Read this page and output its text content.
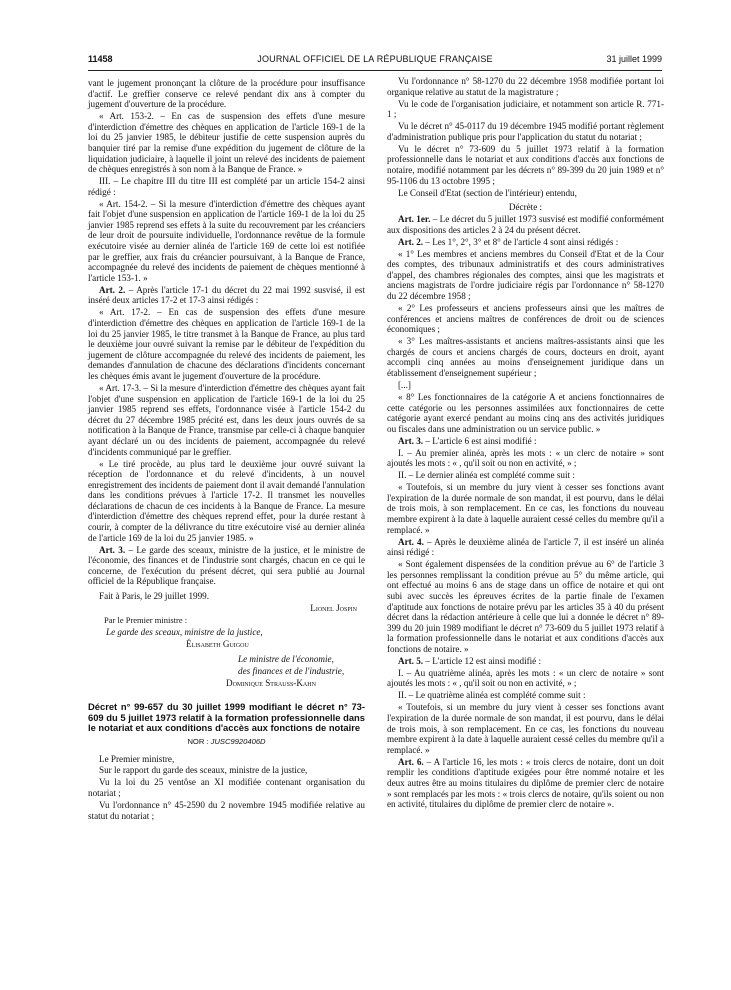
11458	JOURNAL OFFICIEL DE LA RÉPUBLIQUE FRANÇAISE	31 juillet 1999

vant le jugement prononçant la clôture de la procédure pour insuffisance d'actif. Le greffier conserve ce relevé pendant dix ans à compter du jugement d'ouverture de la procédure.

« Art. 153-2. – En cas de suspension des effets d'une mesure d'interdiction d'émettre des chèques en application de l'article 169-1 de la loi du 25 janvier 1985, le débiteur justifie de cette suspension auprès du banquier tiré par la remise d'une expédition du jugement de clôture de la liquidation judiciaire, à laquelle il joint un relevé des incidents de paiement de chèques enregistrés à son nom à la Banque de France. »

III. – Le chapitre III du titre III est complété par un article 154-2 ainsi rédigé :

« Art. 154-2. – Si la mesure d'interdiction d'émettre des chèques ayant fait l'objet d'une suspension en application de l'article 169-1 de la loi du 25 janvier 1985 reprend ses effets à la suite du recouvrement par les créanciers de leur droit de poursuite individuelle, l'ordonnance revêtue de la formule exécutoire visée au dernier alinéa de l'article 169 de cette loi est notifiée par le greffier, aux frais du créancier poursuivant, à la Banque de France, accompagnée du relevé des incidents de paiement de chèques mentionné à l'article 153-1. »

Art. 2. – Après l'article 17-1 du décret du 22 mai 1992 susvisé, il est inséré deux articles 17-2 et 17-3 ainsi rédigés :

« Art. 17-2. – En cas de suspension des effets d'une mesure d'interdiction d'émettre des chèques en application de l'article 169-1 de la loi du 25 janvier 1985, le titre transmet à la Banque de France, au plus tard le deuxième jour ouvré suivant la remise par le débiteur de l'expédition du jugement de clôture accompagnée du relevé des incidents de paiement, les demandes d'annulation de chacune des déclarations d'incidents concernant les chèques émis avant le jugement d'ouverture de la procédure.

« Art. 17-3. – Si la mesure d'interdiction d'émettre des chèques ayant fait l'objet d'une suspension en application de l'article 169-1 de la loi du 25 janvier 1985 reprend ses effets, l'ordonnance visée à l'article 154-2 du décret du 27 décembre 1985 précité est, dans les deux jours ouvrés de sa notification à la Banque de France, transmise par celle-ci à chaque banquier ayant déclaré un ou des incidents de paiement, accompagnée du relevé d'incidents communiqué par le greffier.

« Le tiré procède, au plus tard le deuxième jour ouvré suivant la réception de l'ordonnance et du relevé d'incidents, à un nouvel enregistrement des incidents de paiement dont il avait demandé l'annulation dans les conditions prévues à l'article 17-2. Il transmet les nouvelles déclarations de chacun de ces incidents à la Banque de France. La mesure d'interdiction d'émettre des chèques reprend effet, pour la durée restant à courir, à compter de la délivrance du titre exécutoire visé au dernier alinéa de l'article 169 de la loi du 25 janvier 1985. »

Art. 3. – Le garde des sceaux, ministre de la justice, et le ministre de l'économie, des finances et de l'industrie sont chargés, chacun en ce qui le concerne, de l'exécution du présent décret, qui sera publié au Journal officiel de la République française.

Fait à Paris, le 29 juillet 1999.

Lionel Jospin

Par le Premier ministre :

Le garde des sceaux, ministre de la justice,

Élisabeth Guigou

Le ministre de l'économie,

des finances et de l'industrie,

Dominique Strauss-Kahn

Décret n° 99-657 du 30 juillet 1999 modifiant le décret n° 73-609 du 5 juillet 1973 relatif à la formation professionnelle dans le notariat et aux conditions d'accès aux fonctions de notaire

NOR : JUSC9920406D

Le Premier ministre,

Sur le rapport du garde des sceaux, ministre de la justice,

Vu la loi du 25 ventôse an XI modifiée contenant organisation du notariat ;

Vu l'ordonnance n° 45-2590 du 2 novembre 1945 modifiée relative au statut du notariat ;

Vu l'ordonnance n° 58-1270 du 22 décembre 1958 modifiée portant loi organique relative au statut de la magistrature ;

Vu le code de l'organisation judiciaire, et notamment son article R. 771-1 ;

Vu le décret n° 45-0117 du 19 décembre 1945 modifié portant règlement d'administration publique pris pour l'application du statut du notariat ;

Vu le décret n° 73-609 du 5 juillet 1973 relatif à la formation professionnelle dans le notariat et aux conditions d'accès aux fonctions de notaire, modifié notamment par les décrets n° 89-399 du 20 juin 1989 et n° 95-1106 du 13 octobre 1995 ;

Le Conseil d'Etat (section de l'intérieur) entendu,

Décrète :

Art. 1er. – Le décret du 5 juillet 1973 susvisé est modifié conformément aux dispositions des articles 2 à 24 du présent décret.

Art. 2. – Les 1°, 2°, 3° et 8° de l'article 4 sont ainsi rédigés :

« 1° Les membres et anciens membres du Conseil d'Etat et de la Cour des comptes, des tribunaux administratifs et des cours administratives d'appel, des chambres régionales des comptes, ainsi que les magistrats et anciens magistrats de l'ordre judiciaire régis par l'ordonnance n° 58-1270 du 22 décembre 1958 ;

« 2° Les professeurs et anciens professeurs ainsi que les maîtres de conférences et anciens maîtres de conférences de droit ou de sciences économiques ;

« 3° Les maîtres-assistants et anciens maîtres-assistants ainsi que les chargés de cours et anciens chargés de cours, docteurs en droit, ayant accompli cinq années au moins d'enseignement juridique dans un établissement d'enseignement supérieur ;

[...]

« 8° Les fonctionnaires de la catégorie A et anciens fonctionnaires de cette catégorie ou les personnes assimilées aux fonctionnaires de cette catégorie ayant exercé pendant au moins cinq ans des activités juridiques ou fiscales dans une administration ou un service public. »

Art. 3. – L'article 6 est ainsi modifié :

I. – Au premier alinéa, après les mots : « un clerc de notaire » sont ajoutés les mots : « , qu'il soit ou non en activité, » ;

II. – Le dernier alinéa est complété comme suit :

« Toutefois, si un membre du jury vient à cesser ses fonctions avant l'expiration de la durée normale de son mandat, il est pourvu, dans le délai de trois mois, à son remplacement. En ce cas, les fonctions du nouveau membre expirent à la date à laquelle auraient cessé celles du membre qu'il a remplacé. »

Art. 4. – Après le deuxième alinéa de l'article 7, il est inséré un alinéa ainsi rédigé :

« Sont également dispensées de la condition prévue au 6° de l'article 3 les personnes remplissant la condition prévue au 5° du même article, qui ont effectué au moins 6 ans de stage dans un office de notaire et qui ont subi avec succès les épreuves écrites de la partie finale de l'examen d'aptitude aux fonctions de notaire prévu par les articles 35 à 40 du présent décret dans la rédaction antérieure à celle que lui a donnée le décret n° 89-399 du 20 juin 1989 modifiant le décret n° 73-609 du 5 juillet 1973 relatif à la formation professionnelle dans le notariat et aux conditions d'accès aux fonctions de notaire. »

Art. 5. – L'article 12 est ainsi modifié :

I. – Au quatrième alinéa, après les mots : « un clerc de notaire » sont ajoutés les mots : « , qu'il soit ou non en activité, » ;

II. – Le quatrième alinéa est complété comme suit :

« Toutefois, si un membre du jury vient à cesser ses fonctions avant l'expiration de la durée normale de son mandat, il est pourvu, dans le délai de trois mois, à son remplacement. En ce cas, les fonctions du nouveau membre expirent à la date à laquelle auraient cessé celles du membre qu'il a remplacé. »

Art. 6. – A l'article 16, les mots : « trois clercs de notaire, dont un doit remplir les conditions d'aptitude exigées pour être nommé notaire et les deux autres être au moins titulaires du diplôme de premier clerc de notaire » sont remplacés par les mots : « trois clercs de notaire, qu'ils soient ou non en activité, titulaires du diplôme de premier clerc de notaire ».
